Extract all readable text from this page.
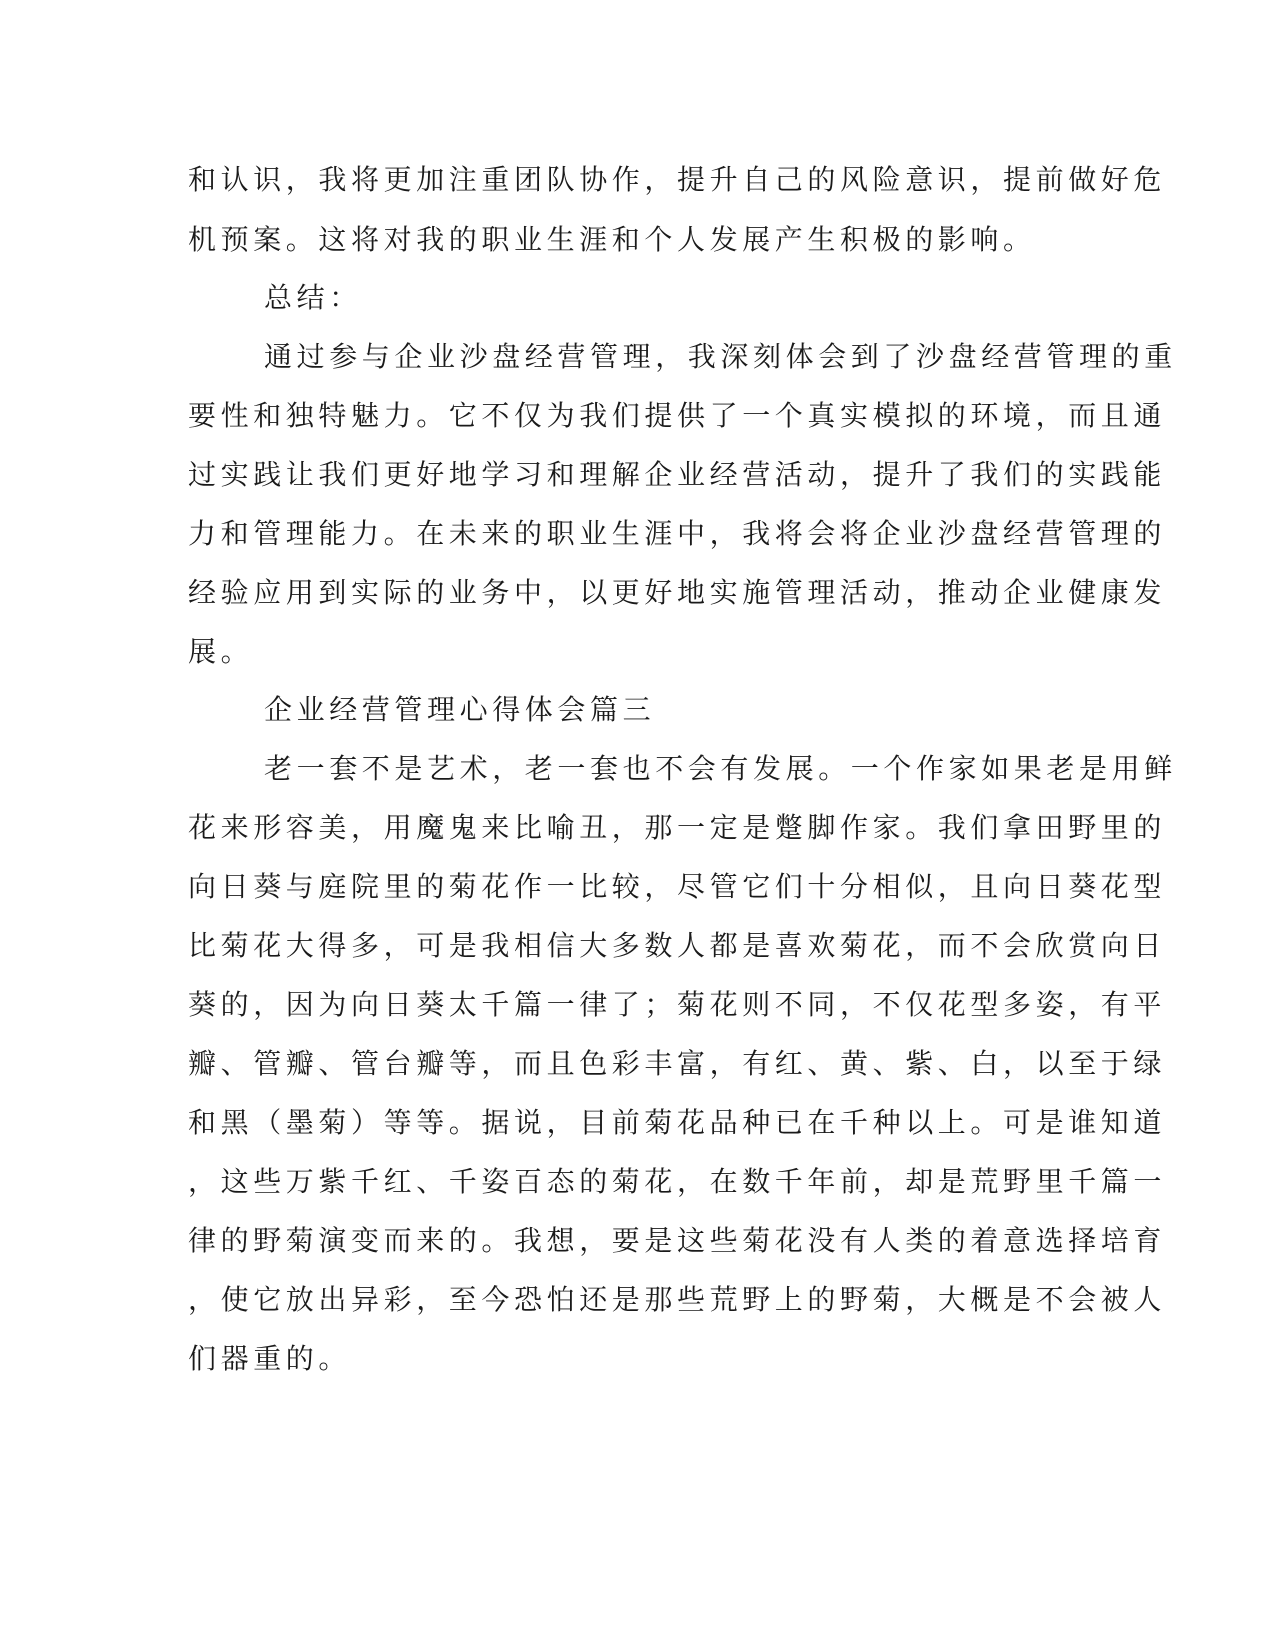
和认识，我将更加注重团队协作，提升自己的风险意识，提前做好危
机预案。这将对我的职业生涯和个人发展产生积极的影响。
总结：
通过参与企业沙盘经营管理，我深刻体会到了沙盘经营管理的重
要性和独特魅力。它不仅为我们提供了一个真实模拟的环境，而且通
过实践让我们更好地学习和理解企业经营活动，提升了我们的实践能
力和管理能力。在未来的职业生涯中，我将会将企业沙盘经营管理的
经验应用到实际的业务中，以更好地实施管理活动，推动企业健康发
展。
企业经营管理心得体会篇三
老一套不是艺术，老一套也不会有发展。一个作家如果老是用鲜
花来形容美，用魔鬼来比喻丑，那一定是蹩脚作家。我们拿田野里的
向日葵与庭院里的菊花作一比较，尽管它们十分相似，且向日葵花型
比菊花大得多，可是我相信大多数人都是喜欢菊花，而不会欣赏向日
葵的，因为向日葵太千篇一律了；菊花则不同，不仅花型多姿，有平
瓣、管瓣、管台瓣等，而且色彩丰富，有红、黄、紫、白，以至于绿
和黑（墨菊）等等。据说，目前菊花品种已在千种以上。可是谁知道
，这些万紫千红、千姿百态的菊花，在数千年前，却是荒野里千篇一
律的野菊演变而来的。我想，要是这些菊花没有人类的着意选择培育
，使它放出异彩，至今恐怕还是那些荒野上的野菊，大概是不会被人
们器重的。
